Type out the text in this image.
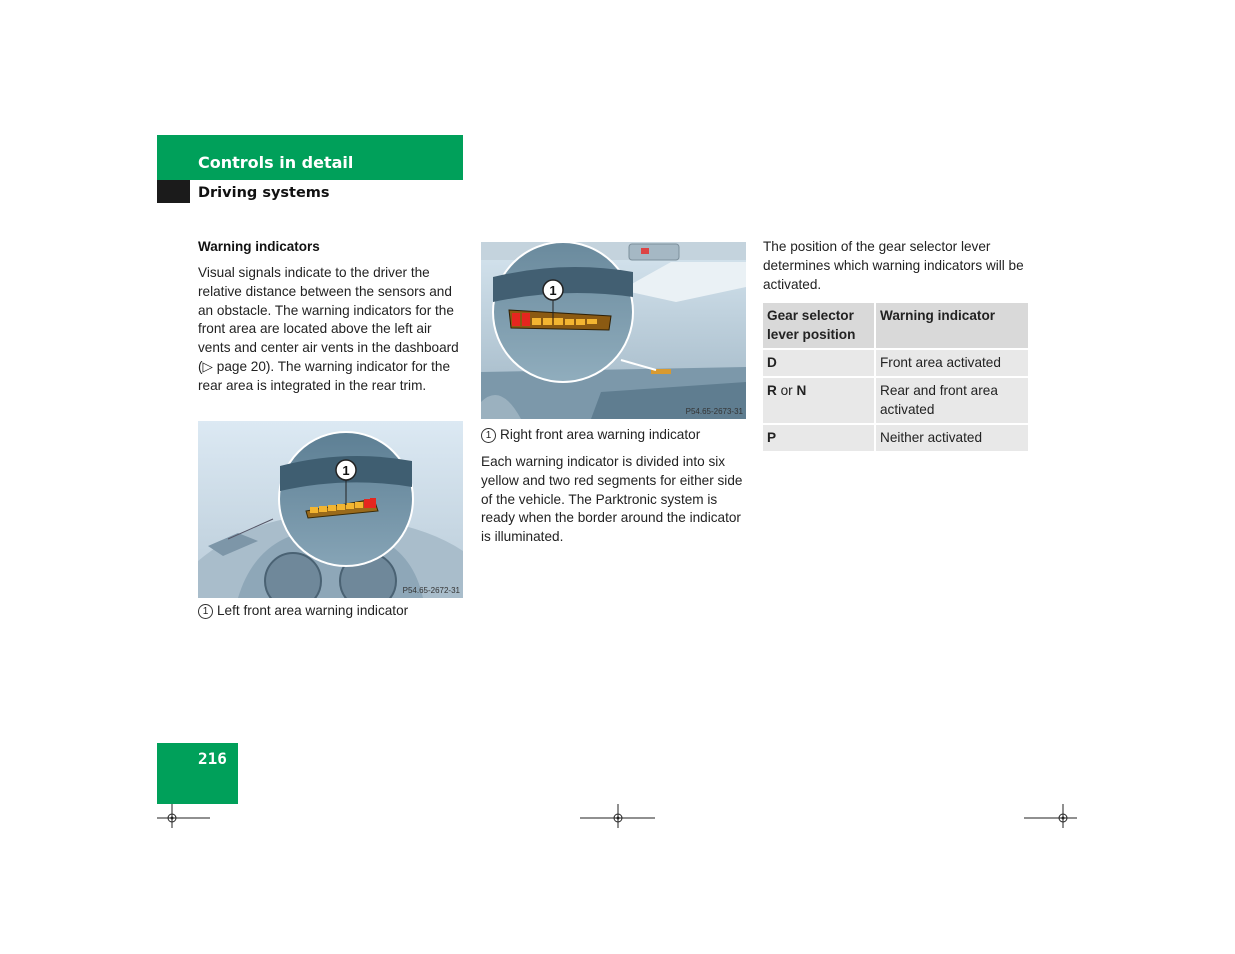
Controls in detail
Driving systems
Warning indicators
Visual signals indicate to the driver the relative distance between the sensors and an obstacle. The warning indicators for the front area are located above the left air vents and center air vents in the dashboard (▷ page 20). The warning indicator for the rear area is integrated in the rear trim.
1
P54.65-2672-31
1 Left front area warning indicator
1
P54.65-2673-31
1 Right front area warning indicator
Each warning indicator is divided into six yellow and two red segments for either side of the vehicle. The Parktronic system is ready when the border around the indicator is illuminated.
The position of the gear selector lever determines which warning indicators will be activated.
Gear selector lever position	Warning indicator
D	Front area activated
R or N	Rear and front area activated
P	Neither activated
216
